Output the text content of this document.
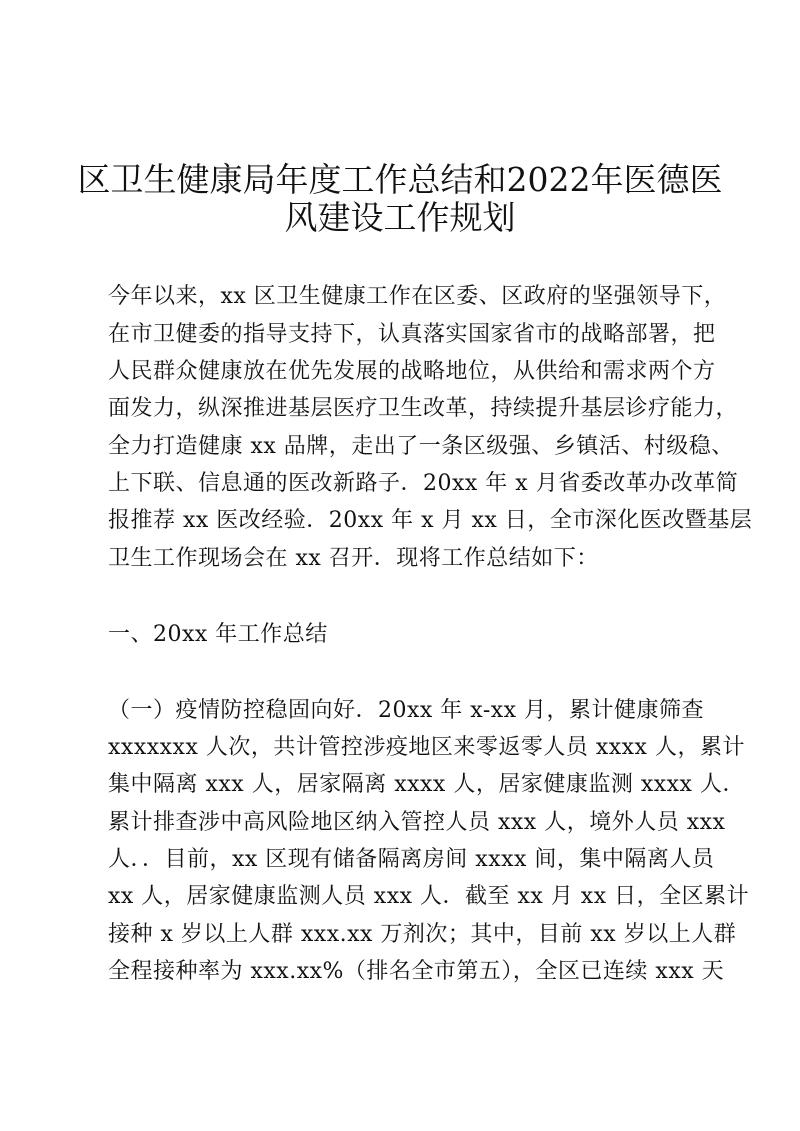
区卫生健康局年度工作总结和2022年医德医
风建设工作规划
今年以来，xx 区卫生健康工作在区委、区政府的坚强领导下，
在市卫健委的指导支持下，认真落实国家省市的战略部署，把
人民群众健康放在优先发展的战略地位，从供给和需求两个方
面发力，纵深推进基层医疗卫生改革，持续提升基层诊疗能力，
全力打造健康 xx 品牌，走出了一条区级强、乡镇活、村级稳、
上下联、信息通的医改新路子．20xx 年 x 月省委改革办改革简
报推荐 xx 医改经验．20xx 年 x 月 xx 日，全市深化医改暨基层
卫生工作现场会在 xx 召开．现将工作总结如下：
一、20xx 年工作总结
（一）疫情防控稳固向好．20xx 年 x-xx 月，累计健康筛查
xxxxxxx 人次，共计管控涉疫地区来零返零人员 xxxx 人，累计
集中隔离 xxx 人，居家隔离 xxxx 人，居家健康监测 xxxx 人．
累计排查涉中高风险地区纳入管控人员 xxx 人，境外人员 xxx
人．．目前，xx 区现有储备隔离房间 xxxx 间，集中隔离人员
xx 人，居家健康监测人员 xxx 人．截至 xx 月 xx 日，全区累计
接种 x 岁以上人群 xxx.xx 万剂次；其中，目前 xx 岁以上人群
全程接种率为 xxx.xx%（排名全市第五），全区已连续 xxx 天
